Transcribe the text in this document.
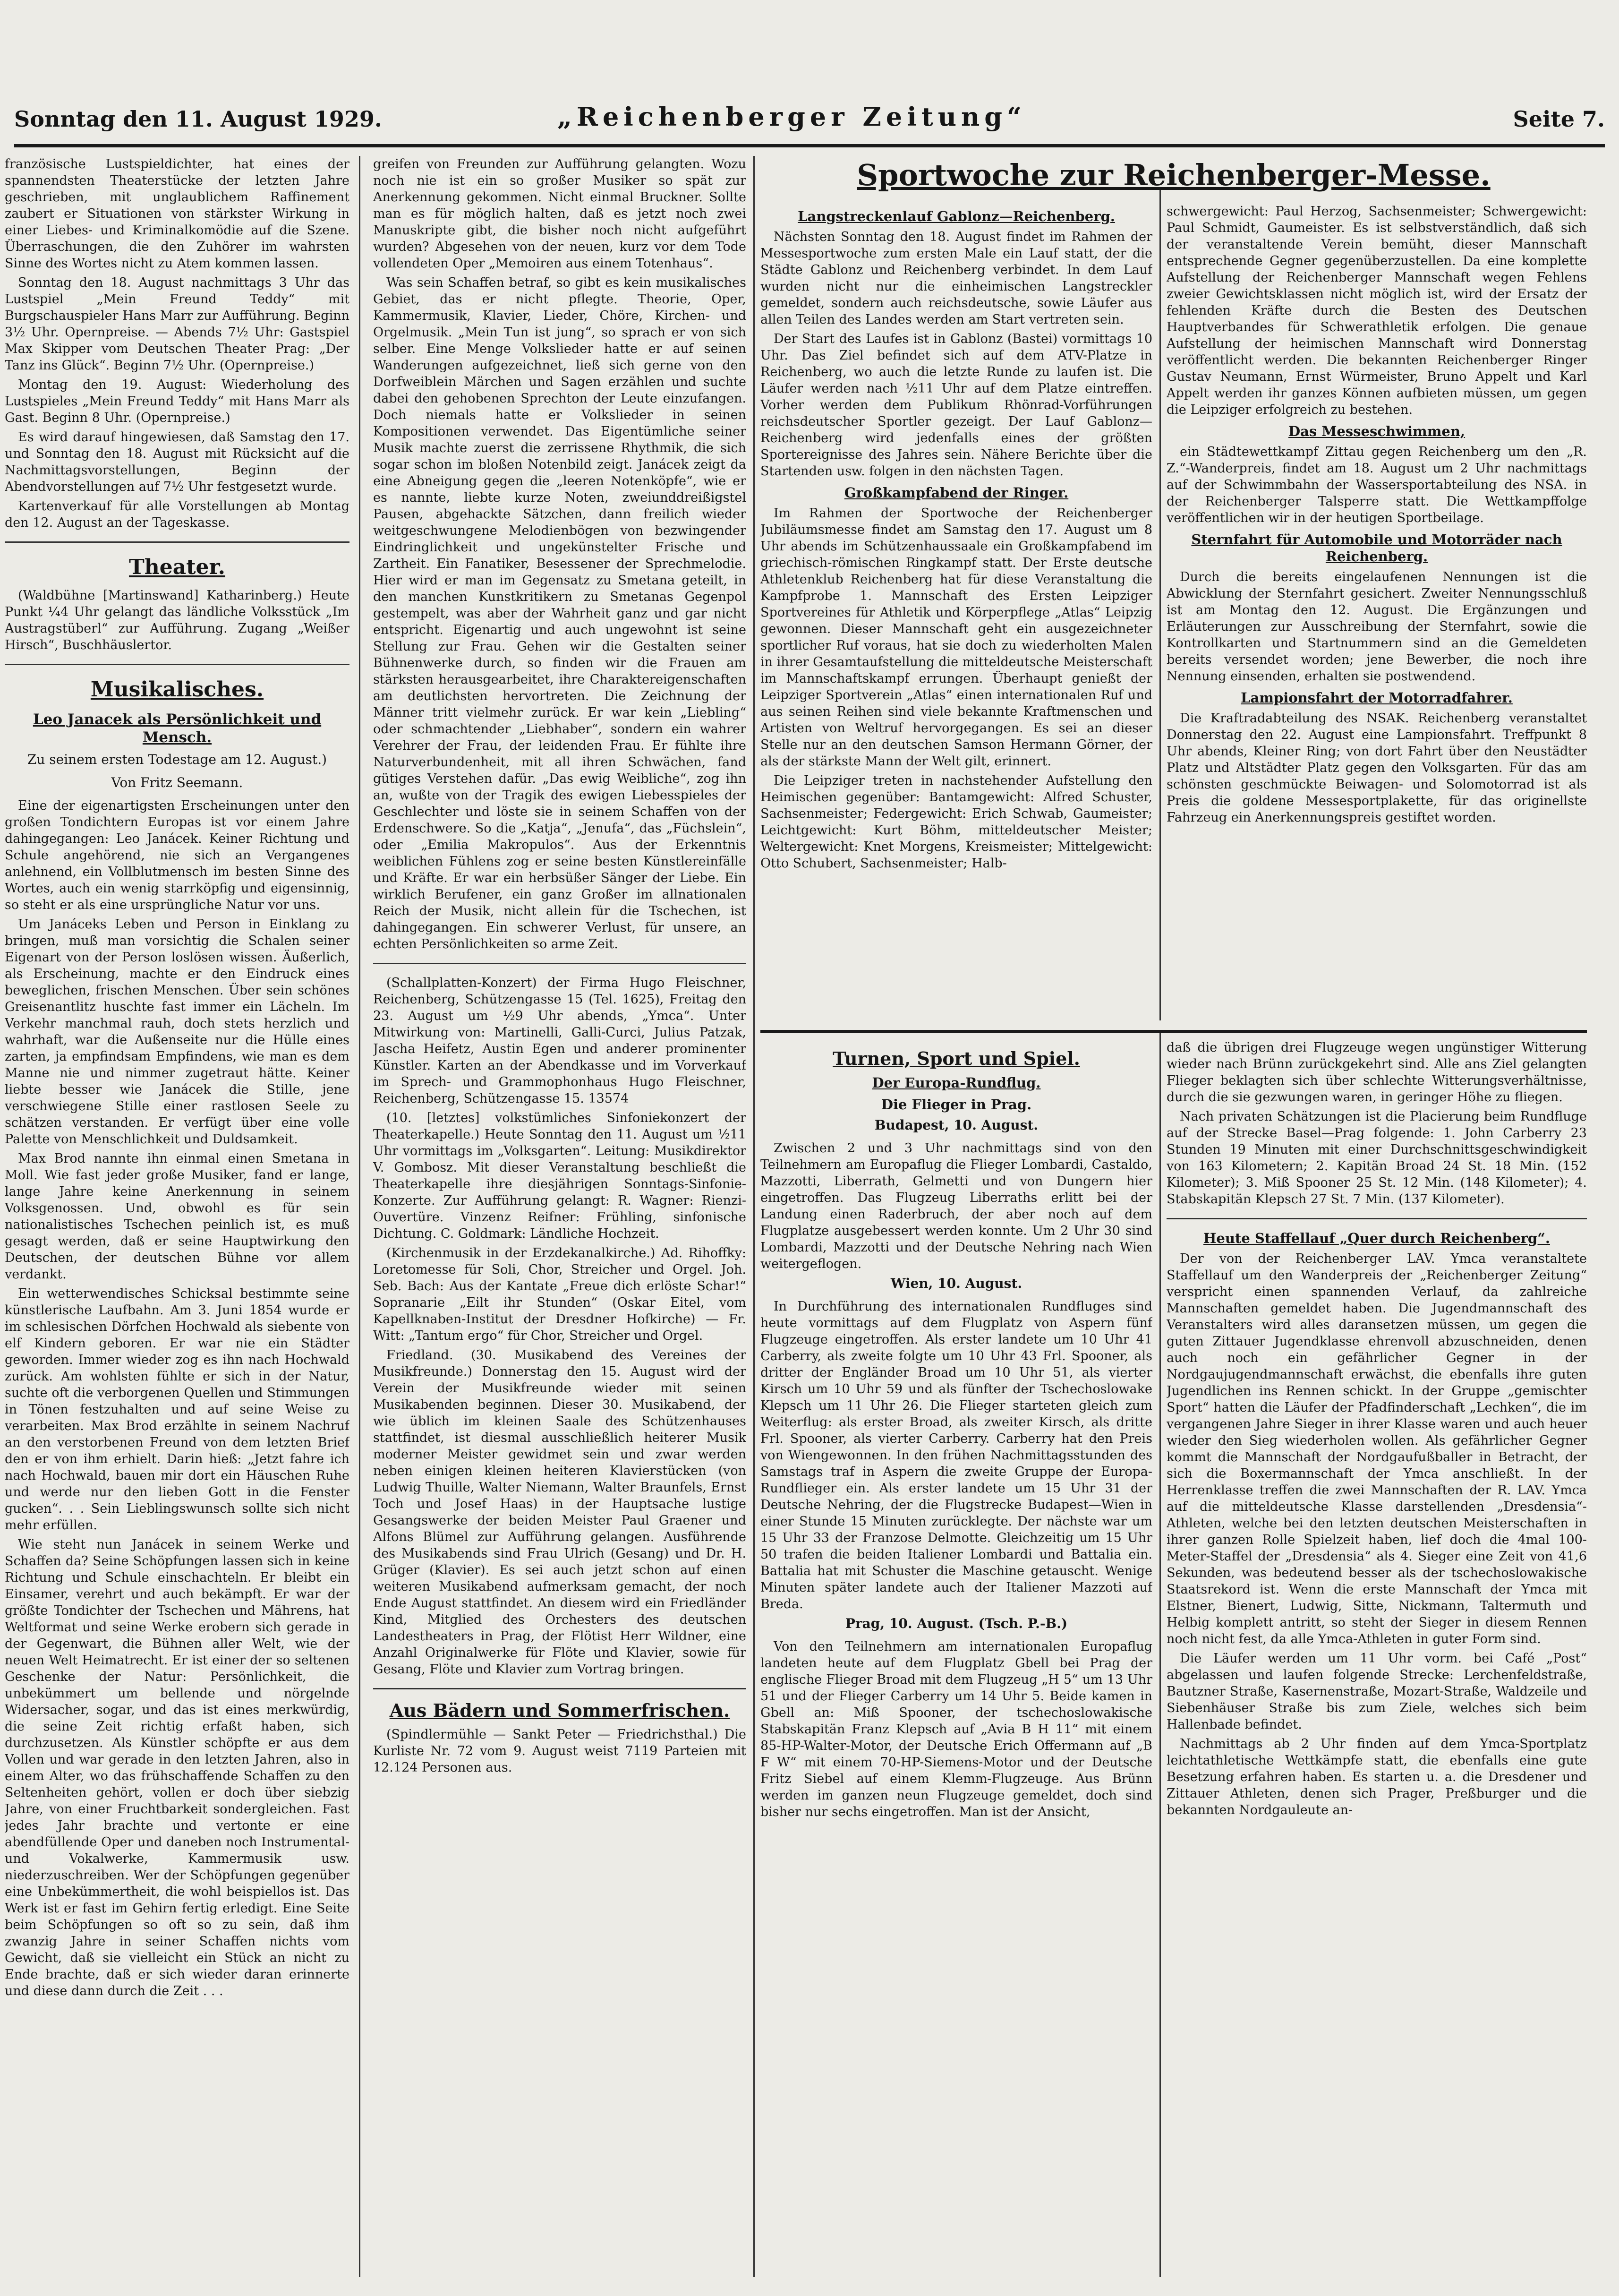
Sonntag den 11. August 1929.	„Reichenberger Zeitung“	Seite 7.

französische Lustspieldichter, hat eines der spannendsten Theaterstücke der letzten Jahre geschrieben, mit unglaublichem Raffinement zaubert er Situationen von stärkster Wirkung in einer Liebes- und Kriminalkomödie auf die Szene. Überraschungen, die den Zuhörer im wahrsten Sinne des Wortes nicht zu Atem kommen lassen.

Sonntag den 18. August nachmittags 3 Uhr das Lustspiel „Mein Freund Teddy“ mit Burgschauspieler Hans Marr zur Aufführung. Beginn 3½ Uhr. Opernpreise. — Abends 7½ Uhr: Gastspiel Max Skipper vom Deutschen Theater Prag: „Der Tanz ins Glück“. Beginn 7½ Uhr. (Opernpreise.)

Montag den 19. August: Wiederholung des Lustspieles „Mein Freund Teddy“ mit Hans Marr als Gast. Beginn 8 Uhr. (Opernpreise.)

Es wird darauf hingewiesen, daß Samstag den 17. und Sonntag den 18. August mit Rücksicht auf die Nachmittagsvorstellungen, Beginn der Abendvorstellungen auf 7½ Uhr festgesetzt wurde.

Kartenverkauf für alle Vorstellungen ab Montag den 12. August an der Tageskasse.

Theater.

(Waldbühne [Martinswand] Katharinberg.) Heute Punkt ¼4 Uhr gelangt das ländliche Volksstück „Im Austragstüberl“ zur Aufführung. Zugang „Weißer Hirsch“, Buschhäuslertor.

Musikalisches.
Leo Janacek als Persönlichkeit und Mensch.
Zu seinem ersten Todestage am 12. August.)
Von Fritz Seemann.

Eine der eigenartigsten Erscheinungen unter den großen Tondichtern Europas ist vor einem Jahre dahingegangen: Leo Janácek. Keiner Richtung und Schule angehörend, nie sich an Vergangenes anlehnend, ein Vollblutmensch im besten Sinne des Wortes, auch ein wenig starrköpfig und eigensinnig, so steht er als eine ursprüngliche Natur vor uns.

Um Janáceks Leben und Person in Einklang zu bringen, muß man vorsichtig die Schalen seiner Eigenart von der Person loslösen wissen. Äußerlich, als Erscheinung, machte er den Eindruck eines beweglichen, frischen Menschen. Über sein schönes Greisenantlitz huschte fast immer ein Lächeln. Im Verkehr manchmal rauh, doch stets herzlich und wahrhaft, war die Außenseite nur die Hülle eines zarten, ja empfindsam Empfindens, wie man es dem Manne nie und nimmer zugetraut hätte. Keiner liebte besser wie Janácek die Stille, jene verschwiegene Stille einer rastlosen Seele zu schätzen verstanden. Er verfügt über eine volle Palette von Menschlichkeit und Duldsamkeit.

Max Brod nannte ihn einmal einen Smetana in Moll. Wie fast jeder große Musiker, fand er lange, lange Jahre keine Anerkennung in seinem Volksgenossen. Und, obwohl es für sein nationalistisches Tschechen peinlich ist, es muß gesagt werden, daß er seine Hauptwirkung den Deutschen, der deutschen Bühne vor allem verdankt.

Ein wetterwendisches Schicksal bestimmte seine künstlerische Laufbahn. Am 3. Juni 1854 wurde er im schlesischen Dörfchen Hochwald als siebente von elf Kindern geboren. Er war nie ein Städter geworden. Immer wieder zog es ihn nach Hochwald zurück. Am wohlsten fühlte er sich in der Natur, suchte oft die verborgenen Quellen und Stimmungen in Tönen festzuhalten und auf seine Weise zu verarbeiten. Max Brod erzählte in seinem Nachruf an den verstorbenen Freund von dem letzten Brief den er von ihm erhielt. Darin hieß: „Jetzt fahre ich nach Hochwald, bauen mir dort ein Häuschen Ruhe und werde nur den lieben Gott in die Fenster gucken“. . . Sein Lieblingswunsch sollte sich nicht mehr erfüllen.

Wie steht nun Janácek in seinem Werke und Schaffen da? Seine Schöpfungen lassen sich in keine Richtung und Schule einschachteln. Er bleibt ein Einsamer, verehrt und auch bekämpft. Er war der größte Tondichter der Tschechen und Mährens, hat Weltformat und seine Werke erobern sich gerade in der Gegenwart, die Bühnen aller Welt, wie der neuen Welt Heimatrecht. Er ist einer der so seltenen Geschenke der Natur: Persönlichkeit, die unbekümmert um bellende und nörgelnde Widersacher, sogar, und das ist eines merkwürdig, die seine Zeit richtig erfaßt haben, sich durchzusetzen. Als Künstler schöpfte er aus dem Vollen und war gerade in den letzten Jahren, also in einem Alter, wo das frühschaffende Schaffen zu den Seltenheiten gehört, vollen er doch über siebzig Jahre, von einer Fruchtbarkeit sondergleichen. Fast jedes Jahr brachte und vertonte er eine abendfüllende Oper und daneben noch Instrumental- und Vokalwerke, Kammermusik usw. niederzuschreiben. Wer der Schöpfungen gegenüber eine Unbekümmertheit, die wohl beispiellos ist. Das Werk ist er fast im Gehirn fertig erledigt. Eine Seite beim Schöpfungen so oft so zu sein, daß ihm zwanzig Jahre in seiner Schaffen nichts vom Gewicht, daß sie vielleicht ein Stück an nicht zu Ende brachte, daß er sich wieder daran erinnerte und diese dann durch die Zeit . . .

greifen von Freunden zur Aufführung gelangten. Wozu noch nie ist ein so großer Musiker so spät zur Anerkennung gekommen. Nicht einmal Bruckner. Sollte man es für möglich halten, daß es jetzt noch zwei Manuskripte gibt, die bisher noch nicht aufgeführt wurden? Abgesehen von der neuen, kurz vor dem Tode vollendeten Oper „Memoiren aus einem Totenhaus“.

Was sein Schaffen betraf, so gibt es kein musikalisches Gebiet, das er nicht pflegte. Theorie, Oper, Kammermusik, Klavier, Lieder, Chöre, Kirchen- und Orgelmusik. „Mein Tun ist jung“, so sprach er von sich selber. Eine Menge Volkslieder hatte er auf seinen Wanderungen aufgezeichnet, ließ sich gerne von den Dorfweiblein Märchen und Sagen erzählen und suchte dabei den gehobenen Sprechton der Leute einzufangen. Doch niemals hatte er Volkslieder in seinen Kompositionen verwendet. Das Eigentümliche seiner Musik machte zuerst die zerrissene Rhythmik, die sich sogar schon im bloßen Notenbild zeigt. Janácek zeigt da eine Abneigung gegen die „leeren Notenköpfe“, wie er es nannte, liebte kurze Noten, zweiunddreißigstel Pausen, abgehackte Sätzchen, dann freilich wieder weitgeschwungene Melodienbögen von bezwingender Eindringlichkeit und ungekünstelter Frische und Zartheit. Ein Fanatiker, Besessener der Sprechmelodie. Hier wird er man im Gegensatz zu Smetana geteilt, in den manchen Kunstkritikern zu Smetanas Gegenpol gestempelt, was aber der Wahrheit ganz und gar nicht entspricht. Eigenartig und auch ungewohnt ist seine Stellung zur Frau. Gehen wir die Gestalten seiner Bühnenwerke durch, so finden wir die Frauen am stärksten herausgearbeitet, ihre Charaktereigenschaften am deutlichsten hervortreten. Die Zeichnung der Männer tritt vielmehr zurück. Er war kein „Liebling“ oder schmachtender „Liebhaber“, sondern ein wahrer Verehrer der Frau, der leidenden Frau. Er fühlte ihre Naturverbundenheit, mit all ihren Schwächen, fand gütiges Verstehen dafür. „Das ewig Weibliche“, zog ihn an, wußte von der Tragik des ewigen Liebesspieles der Geschlechter und löste sie in seinem Schaffen von der Erdenschwere. So die „Katja“, „Jenufa“, das „Füchslein“, oder „Emilia Makropulos“. Aus der Erkenntnis weiblichen Fühlens zog er seine besten Künstlereinfälle und Kräfte. Er war ein herbsüßer Sänger der Liebe. Ein wirklich Berufener, ein ganz Großer im allnationalen Reich der Musik, nicht allein für die Tschechen, ist dahingegangen. Ein schwerer Verlust, für unsere, an echten Persönlichkeiten so arme Zeit.

(Schallplatten-Konzert) der Firma Hugo Fleischner, Reichenberg, Schützengasse 15 (Tel. 1625), Freitag den 23. August um ½9 Uhr abends, „Ymca“. Unter Mitwirkung von: Martinelli, Galli-Curci, Julius Patzak, Jascha Heifetz, Austin Egen und anderer prominenter Künstler. Karten an der Abendkasse und im Vorverkauf im Sprech- und Grammophonhaus Hugo Fleischner, Reichenberg, Schützengasse 15. 13574

(10. [letztes] volkstümliches Sinfoniekonzert der Theaterkapelle.) Heute Sonntag den 11. August um ½11 Uhr vormittags im „Volksgarten“. Leitung: Musikdirektor V. Gombosz. Mit dieser Veranstaltung beschließt die Theaterkapelle ihre diesjährigen Sonntags-Sinfonie-Konzerte. Zur Aufführung gelangt: R. Wagner: Rienzi-Ouvertüre. Vinzenz Reifner: Frühling, sinfonische Dichtung. C. Goldmark: Ländliche Hochzeit.

(Kirchenmusik in der Erzdekanalkirche.) Ad. Rihoffky: Loretomesse für Soli, Chor, Streicher und Orgel. Joh. Seb. Bach: Aus der Kantate „Freue dich erlöste Schar!“ Sopranarie „Eilt ihr Stunden“ (Oskar Eitel, vom Kapellknaben-Institut der Dresdner Hofkirche) — Fr. Witt: „Tantum ergo“ für Chor, Streicher und Orgel.

Friedland. (30. Musikabend des Vereines der Musikfreunde.) Donnerstag den 15. August wird der Verein der Musikfreunde wieder mit seinen Musikabenden beginnen. Dieser 30. Musikabend, der wie üblich im kleinen Saale des Schützenhauses stattfindet, ist diesmal ausschließlich heiterer Musik moderner Meister gewidmet sein und zwar werden neben einigen kleinen heiteren Klavierstücken (von Ludwig Thuille, Walter Niemann, Walter Braunfels, Ernst Toch und Josef Haas) in der Hauptsache lustige Gesangswerke der beiden Meister Paul Graener und Alfons Blümel zur Aufführung gelangen. Ausführende des Musikabends sind Frau Ulrich (Gesang) und Dr. H. Grüger (Klavier). Es sei auch jetzt schon auf einen weiteren Musikabend aufmerksam gemacht, der noch Ende August stattfindet. An diesem wird ein Friedländer Kind, Mitglied des Orchesters des deutschen Landestheaters in Prag, der Flötist Herr Wildner, eine Anzahl Originalwerke für Flöte und Klavier, sowie für Gesang, Flöte und Klavier zum Vortrag bringen.

Aus Bädern und Sommerfrischen.

(Spindlermühle — Sankt Peter — Friedrichsthal.) Die Kurliste Nr. 72 vom 9. August weist 7119 Parteien mit 12.124 Personen aus.

Sportwoche zur Reichenberger-Messe.
Langstreckenlauf Gablonz—Reichenberg.

Nächsten Sonntag den 18. August findet im Rahmen der Messesportwoche zum ersten Male ein Lauf statt, der die Städte Gablonz und Reichenberg verbindet. In dem Lauf wurden nicht nur die einheimischen Langstreckler gemeldet, sondern auch reichsdeutsche, sowie Läufer aus allen Teilen des Landes werden am Start vertreten sein.

Der Start des Laufes ist in Gablonz (Bastei) vormittags 10 Uhr. Das Ziel befindet sich auf dem ATV-Platze in Reichenberg, wo auch die letzte Runde zu laufen ist. Die Läufer werden nach ½11 Uhr auf dem Platze eintreffen. Vorher werden dem Publikum Rhönrad-Vorführungen reichsdeutscher Sportler gezeigt. Der Lauf Gablonz—Reichenberg wird jedenfalls eines der größten Sportereignisse des Jahres sein. Nähere Berichte über die Startenden usw. folgen in den nächsten Tagen.

Großkampfabend der Ringer.

Im Rahmen der Sportwoche der Reichenberger Jubiläumsmesse findet am Samstag den 17. August um 8 Uhr abends im Schützenhaussaale ein Großkampfabend im griechisch-römischen Ringkampf statt. Der Erste deutsche Athletenklub Reichenberg hat für diese Veranstaltung die Kampfprobe 1. Mannschaft des Ersten Leipziger Sportvereines für Athletik und Körperpflege „Atlas“ Leipzig gewonnen. Dieser Mannschaft geht ein ausgezeichneter sportlicher Ruf voraus, hat sie doch zu wiederholten Malen in ihrer Gesamtaufstellung die mitteldeutsche Meisterschaft im Mannschaftskampf errungen. Überhaupt genießt der Leipziger Sportverein „Atlas“ einen internationalen Ruf und aus seinen Reihen sind viele bekannte Kraftmenschen und Artisten von Weltruf hervorgegangen. Es sei an dieser Stelle nur an den deutschen Samson Hermann Görner, der als der stärkste Mann der Welt gilt, erinnert.

Die Leipziger treten in nachstehender Aufstellung den Heimischen gegenüber: Bantamgewicht: Alfred Schuster, Sachsenmeister; Federgewicht: Erich Schwab, Gaumeister; Leichtgewicht: Kurt Böhm, mitteldeutscher Meister; Weltergewicht: Knet Morgens, Kreismeister; Mittelgewicht: Otto Schubert, Sachsenmeister; Halb-

schwergewicht: Paul Herzog, Sachsenmeister; Schwergewicht: Paul Schmidt, Gaumeister. Es ist selbstverständlich, daß sich der veranstaltende Verein bemüht, dieser Mannschaft entsprechende Gegner gegenüberzustellen. Da eine komplette Aufstellung der Reichenberger Mannschaft wegen Fehlens zweier Gewichtsklassen nicht möglich ist, wird der Ersatz der fehlenden Kräfte durch die Besten des Deutschen Hauptverbandes für Schwerathletik erfolgen. Die genaue Aufstellung der heimischen Mannschaft wird Donnerstag veröffentlicht werden. Die bekannten Reichenberger Ringer Gustav Neumann, Ernst Würmeister, Bruno Appelt und Karl Appelt werden ihr ganzes Können aufbieten müssen, um gegen die Leipziger erfolgreich zu bestehen.

Das Messeschwimmen,

ein Städtewettkampf Zittau gegen Reichenberg um den „R. Z.“-Wanderpreis, findet am 18. August um 2 Uhr nachmittags auf der Schwimmbahn der Wassersportabteilung des NSA. in der Reichenberger Talsperre statt. Die Wettkampffolge veröffentlichen wir in der heutigen Sportbeilage.

Sternfahrt für Automobile und Motorräder nach Reichenberg.

Durch die bereits eingelaufenen Nennungen ist die Abwicklung der Sternfahrt gesichert. Zweiter Nennungsschluß ist am Montag den 12. August. Die Ergänzungen und Erläuterungen zur Ausschreibung der Sternfahrt, sowie die Kontrollkarten und Startnummern sind an die Gemeldeten bereits versendet worden; jene Bewerber, die noch ihre Nennung einsenden, erhalten sie postwendend.

Lampionsfahrt der Motorradfahrer.

Die Kraftradabteilung des NSAK. Reichenberg veranstaltet Donnerstag den 22. August eine Lampionsfahrt. Treffpunkt 8 Uhr abends, Kleiner Ring; von dort Fahrt über den Neustädter Platz und Altstädter Platz gegen den Volksgarten. Für das am schönsten geschmückte Beiwagen- und Solomotorrad ist als Preis die goldene Messesportplakette, für das originellste Fahrzeug ein Anerkennungspreis gestiftet worden.

Turnen, Sport und Spiel.
Der Europa-Rundflug.
Die Flieger in Prag.
Budapest, 10. August.

Zwischen 2 und 3 Uhr nachmittags sind von den Teilnehmern am Europaflug die Flieger Lombardi, Castaldo, Mazzotti, Liberrath, Gelmetti und von Dungern hier eingetroffen. Das Flugzeug Liberraths erlitt bei der Landung einen Raderbruch, der aber noch auf dem Flugplatze ausgebessert werden konnte. Um 2 Uhr 30 sind Lombardi, Mazzotti und der Deutsche Nehring nach Wien weitergeflogen.

Wien, 10. August.

In Durchführung des internationalen Rundfluges sind heute vormittags auf dem Flugplatz von Aspern fünf Flugzeuge eingetroffen. Als erster landete um 10 Uhr 41 Carberry, als zweite folgte um 10 Uhr 43 Frl. Spooner, als dritter der Engländer Broad um 10 Uhr 51, als vierter Kirsch um 10 Uhr 59 und als fünfter der Tschechoslowake Klepsch um 11 Uhr 26. Die Flieger starteten gleich zum Weiterflug: als erster Broad, als zweiter Kirsch, als dritte Frl. Spooner, als vierter Carberry. Carberry hat den Preis von Wiengewonnen. In den frühen Nachmittagsstunden des Samstags traf in Aspern die zweite Gruppe der Europa-Rundflieger ein. Als erster landete um 15 Uhr 31 der Deutsche Nehring, der die Flugstrecke Budapest—Wien in einer Stunde 15 Minuten zurücklegte. Der nächste war um 15 Uhr 33 der Franzose Delmotte. Gleichzeitig um 15 Uhr 50 trafen die beiden Italiener Lombardi und Battalia ein. Battalia hat mit Schuster die Maschine getauscht. Wenige Minuten später landete auch der Italiener Mazzoti auf Breda.

Prag, 10. August. (Tsch. P.-B.)

Von den Teilnehmern am internationalen Europaflug landeten heute auf dem Flugplatz Gbell bei Prag der englische Flieger Broad mit dem Flugzeug „H 5“ um 13 Uhr 51 und der Flieger Carberry um 14 Uhr 5. Beide kamen in Gbell an: Miß Spooner, der tschechoslowakische Stabskapitän Franz Klepsch auf „Avia B H 11“ mit einem 85-HP-Walter-Motor, der Deutsche Erich Offermann auf „B F W“ mit einem 70-HP-Siemens-Motor und der Deutsche Fritz Siebel auf einem Klemm-Flugzeuge. Aus Brünn werden im ganzen neun Flugzeuge gemeldet, doch sind bisher nur sechs eingetroffen. Man ist der Ansicht,

daß die übrigen drei Flugzeuge wegen ungünstiger Witterung wieder nach Brünn zurückgekehrt sind. Alle ans Ziel gelangten Flieger beklagten sich über schlechte Witterungsverhältnisse, durch die sie gezwungen waren, in geringer Höhe zu fliegen.

Nach privaten Schätzungen ist die Placierung beim Rundfluge auf der Strecke Basel—Prag folgende: 1. John Carberry 23 Stunden 19 Minuten mit einer Durchschnittsgeschwindigkeit von 163 Kilometern; 2. Kapitän Broad 24 St. 18 Min. (152 Kilometer); 3. Miß Spooner 25 St. 12 Min. (148 Kilometer); 4. Stabskapitän Klepsch 27 St. 7 Min. (137 Kilometer).

Heute Staffellauf „Quer durch Reichenberg“.

Der von der Reichenberger LAV. Ymca veranstaltete Staffellauf um den Wanderpreis der „Reichenberger Zeitung“ verspricht einen spannenden Verlauf, da zahlreiche Mannschaften gemeldet haben. Die Jugendmannschaft des Veranstalters wird alles daransetzen müssen, um gegen die guten Zittauer Jugendklasse ehrenvoll abzuschneiden, denen auch noch ein gefährlicher Gegner in der Nordgaujugendmannschaft erwächst, die ebenfalls ihre guten Jugendlichen ins Rennen schickt. In der Gruppe „gemischter Sport“ hatten die Läufer der Pfadfinderschaft „Lechken“, die im vergangenen Jahre Sieger in ihrer Klasse waren und auch heuer wieder den Sieg wiederholen wollen. Als gefährlicher Gegner kommt die Mannschaft der Nordgaufußballer in Betracht, der sich die Boxermannschaft der Ymca anschließt. In der Herrenklasse treffen die zwei Mannschaften der R. LAV. Ymca auf die mitteldeutsche Klasse darstellenden „Dresdensia“-Athleten, welche bei den letzten deutschen Meisterschaften in ihrer ganzen Rolle Spielzeit haben, lief doch die 4mal 100-Meter-Staffel der „Dresdensia“ als 4. Sieger eine Zeit von 41,6 Sekunden, was bedeutend besser als der tschechoslowakische Staatsrekord ist. Wenn die erste Mannschaft der Ymca mit Elstner, Bienert, Ludwig, Sitte, Nickmann, Taltermuth und Helbig komplett antritt, so steht der Sieger in diesem Rennen noch nicht fest, da alle Ymca-Athleten in guter Form sind.

Die Läufer werden um 11 Uhr vorm. bei Café „Post“ abgelassen und laufen folgende Strecke: Lerchenfeldstraße, Bautzner Straße, Kasernenstraße, Mozart-Straße, Waldzeile und Siebenhäuser Straße bis zum Ziele, welches sich beim Hallenbade befindet.

Nachmittags ab 2 Uhr finden auf dem Ymca-Sportplatz leichtathletische Wettkämpfe statt, die ebenfalls eine gute Besetzung erfahren haben. Es starten u. a. die Dresdener und Zittauer Athleten, denen sich Prager, Preßburger und die bekannten Nordgauleute an-
